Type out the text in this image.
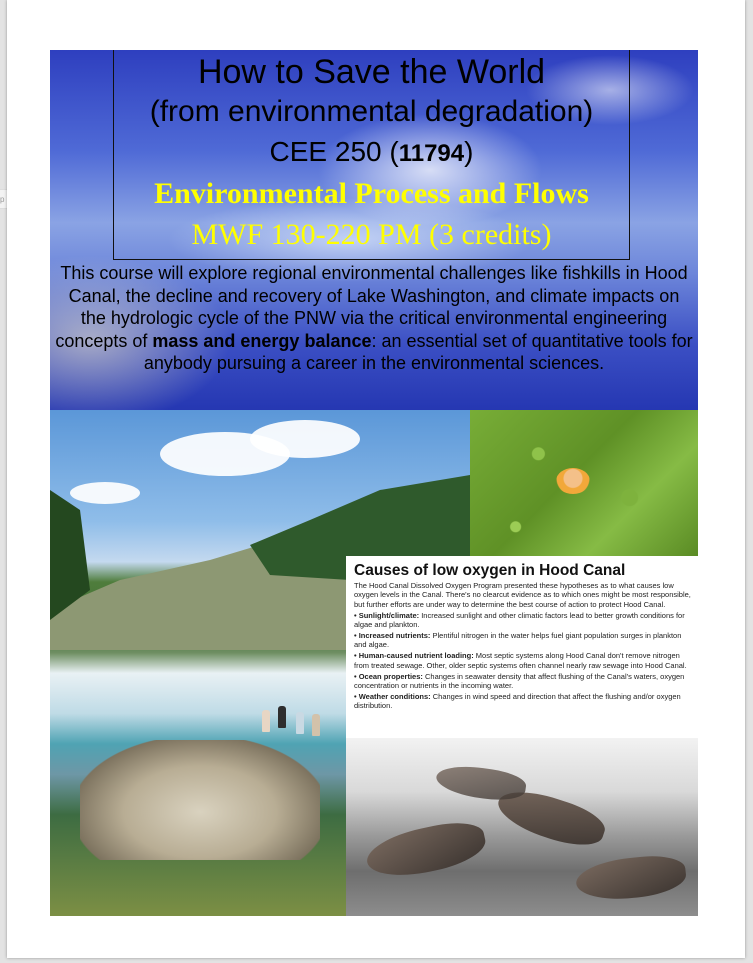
p
How to Save the World
(from environmental degradation)
CEE 250 (11794)
Environmental Process and Flows
MWF 130-220 PM (3 credits)
This course will explore regional environmental challenges like fishkills in Hood Canal, the decline and recovery of Lake Washington, and climate impacts on the hydrologic cycle of the PNW via the critical environmental engineering concepts of mass and energy balance: an essential set of quantitative tools for anybody pursuing a career in the environmental sciences.
Causes of low oxygen in Hood Canal

The Hood Canal Dissolved Oxygen Program presented these hypotheses as to what causes low oxygen levels in the Canal. There's no clearcut evidence as to which ones might be most responsible, but further efforts are under way to determine the best course of action to protect Hood Canal.

• Sunlight/climate: Increased sunlight and other climatic factors lead to better growth conditions for algae and plankton.

• Increased nutrients: Plentiful nitrogen in the water helps fuel giant population surges in plankton and algae.

• Human-caused nutrient loading: Most septic systems along Hood Canal don't remove nitrogen from treated sewage. Other, older septic systems often channel nearly raw sewage into Hood Canal.

• Ocean properties: Changes in seawater density that affect flushing of the Canal's waters, oxygen concentration or nutrients in the incoming water.

• Weather conditions: Changes in wind speed and direction that affect the flushing and/or oxygen distribution.
